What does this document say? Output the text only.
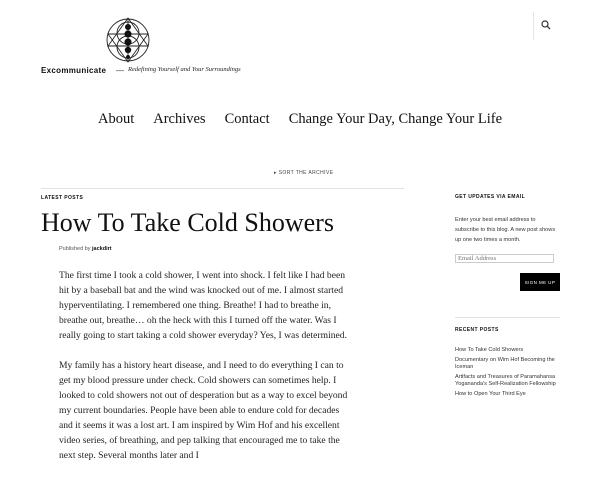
Excommunicate — Redefining Yourself and Your Surroundings
About Archives Contact Change Your Day, Change Your Life
▸ SORT THE ARCHIVE
LATEST POSTS
How To Take Cold Showers
Published by jackdirt

The first time I took a cold shower, I went into shock. I felt like I had been hit by a baseball bat and the wind was knocked out of me. I almost started hyperventilating. I remembered one thing. Breathe! I had to breathe in, breathe out, breathe… oh the heck with this I turned off the water. Was I really going to start taking a cold shower everyday? Yes, I was determined.

My family has a history heart disease, and I need to do everything I can to get my blood pressure under check. Cold showers can sometimes help. I looked to cold showers not out of desperation but as a way to excel beyond my current boundaries. People have been able to endure cold for decades and it seems it was a lost art. I am inspired by Wim Hof and his excellent video series, of breathing, and pep talking that encouraged me to take the next step. Several months later and I

GET UPDATES VIA EMAIL
Enter your best email address to subscribe to this blog. A new post shows up one two times a month.
Email Address SIGN ME UP
RECENT POSTS
How To Take Cold Showers
Documentary on Wim Hof Becoming the Iceman
Artifacts and Treasures of Paramahansa Yogananda's Self-Realization Fellowship
How to Open Your Third Eye
